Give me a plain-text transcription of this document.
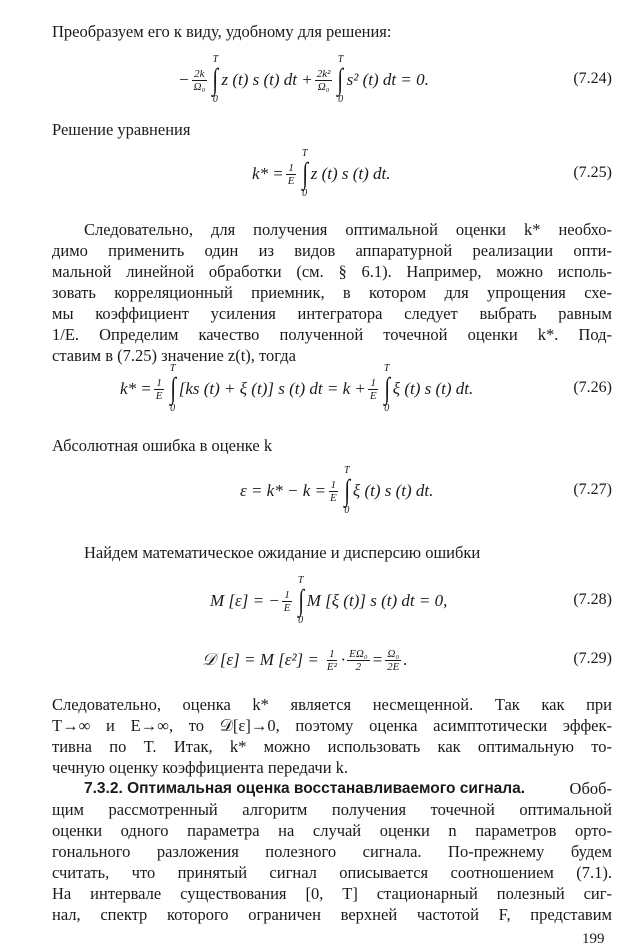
Преобразуем его к виду, удобному для решения:
− $\frac{2k}{\text{Ω₀}}$
T
∫
0
z (t) s (t) dt + $\frac{\text{2k²}}{\text{Ω₀}}$
T
∫
0
s² (t) dt = 0.	(7.24)
Решение уравнения
$k* = \frac{1}{E}$
T
∫
0
z (t) s (t) dt.	(7.25)
Следовательно, для получения оптимальной оценки k* необхо-
димо применить один из видов аппаратурной реализации опти-
мальной линейной обработки (см. § 6.1). Например, можно исполь-
зовать корреляционный приемник, в котором для упрощения схе-
мы коэффициент усиления интегратора следует выбрать равным
1/E. Определим качество полученной точечной оценки k*. Под-
ставим в (7.25) значение z(t), тогда
$k* = \frac{1}{E}$
T
∫
0
[ks (t) + ξ (t)] s (t) dt = $k + \frac{1}{E}$
T
∫
0
ξ (t) s (t) dt.	(7.26)
Абсолютная ошибка в оценке k
$\varepsilon = k* - k = \frac{1}{E}$
T
∫
0
ξ (t) s (t) dt.	(7.27)
Найдем математическое ожидание и дисперсию ошибки
M [ε] = − $\frac{1}{E}$
T
∫
0
M [ξ (t)] s (t) dt = 0,	(7.28)
𝒟 [ε] = M $[\varepsilon^2] = \frac{1}{\text{E²}} \cdot \frac{\text{EΩ₀}}{2} = \frac{\text{Ω₀}}{2E}$ .	(7.29)
Следовательно, оценка k* является несмещенной. Так как при
T→∞ и E→∞, то 𝒟[ε]→0, поэтому оценка асимптотически эффек-
тивна по T. Итак, k* можно использовать как оптимальную то-
чечную оценку коэффициента передачи k.
7.3.2. Оптимальная оценка восстанавливаемого сигнала.	Обоб-
щим рассмотренный алгоритм получения точечной оптимальной
оценки одного параметра на случай оценки n параметров орто-
гонального разложения полезного сигнала. По-прежнему будем
считать, что принятый сигнал описывается соотношением (7.1).
На интервале существования [0, T] стационарный полезный сиг-
нал, спектр которого ограничен верхней частотой F, представим
199
